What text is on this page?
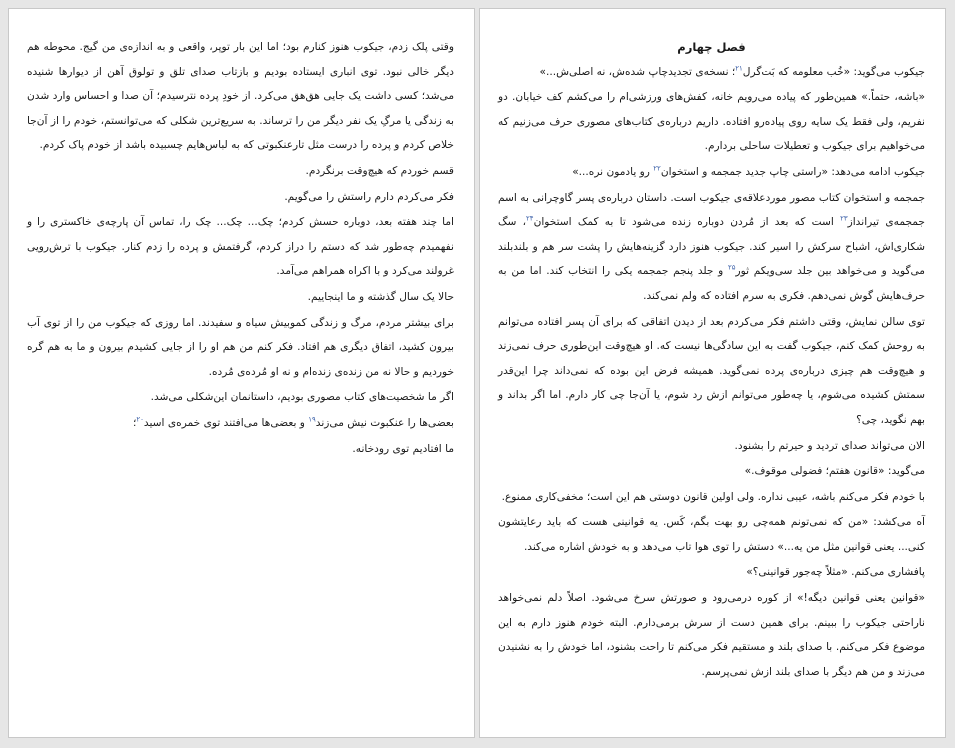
وقتی پلک زدم، جیکوب هنوز کنارم بود؛ اما این بار توپر، واقعی و به اندازه‌ی من گیج. محوطه هم دیگر خالی نبود. توی انباری ایستاده بودیم و بازتاب صدای تلق و تولوق آهن از دیوارها شنیده می‌شد؛ کسی داشت یک جایی هق‌هق می‌کرد. از خودِ پرده نترسیدم؛ آن صدا و احساس وارد شدن به زندگی یا مرگِ یک نفر دیگر من را ترساند. به سریع‌ترین شکلی که می‌توانستم، خودم را از آن‌جا خلاص کردم و پرده را درست مثل تارعنکبوتی که به لباس‌هایم چسبیده باشد از خودم پاک کردم.

قسم خوردم که هیچ‌وقت برنگردم.

فکر می‌کردم دارم راستش را می‌گویم.

اما چند هفته بعد، دوباره حسش کردم؛ چک... چک... چک را، تماس آن پارچه‌ی خاکستری را و نفهمیدم چه‌طور شد که دستم را دراز کردم، گرفتمش و پرده را زدم کنار. جیکوب با ترش‌رویی غرولند می‌کرد و با اکراه همراهم می‌آمد.

حالا یک سال گذشته و ما اینجاییم.

برای بیشتر مردم، مرگ و زندگی کموبیش سیاه و سفیدند. اما روزی که جیکوب من را از توی آب بیرون کشید، اتفاق دیگری هم افتاد. فکر کنم من هم او را از جایی کشیدم بیرون و ما به هم گره خوردیم و حالا نه من زنده‌ی زنده‌ام و نه او مُرده‌ی مُرده.

اگر ما شخصیت‌های کتاب مصوری بودیم، داستانمان این‌شکلی می‌شد.

بعضی‌ها را عنکبوت نیش می‌زند$^{۱۹}$ و بعضی‌ها می‌افتند توی خمره‌ی اسید$^{۲۰}$؛

ما افتادیم توی رودخانه.

فصل چهارم

جیکوب می‌گوید: «خُب معلومه که بَت‌گرل$^{۲۱}$؛ نسخه‌ی تجدیدچاپ شده‌ش، نه اصلی‌ش...»

«باشه، حتماً.» همین‌طور که پیاده می‌رویم خانه، کفش‌های ورزشی‌ام را می‌کشم کف خیابان. دو نفریم، ولی فقط یک سایه روی پیاده‌رو افتاده. داریم درباره‌ی کتاب‌های مصوری حرف می‌زنیم که می‌خواهیم برای جیکوب و تعطیلات ساحلی بردارم.

جیکوب ادامه می‌دهد: «راستی چاپ جدید جمجمه و استخوان$^{۲۲}$ رو یادمون نره...»

جمجمه و استخوان کتاب مصور موردعلاقه‌ی جیکوب است. داستان درباره‌ی پسر گاوچرانی به اسم جمجمه‌ی تیرانداز$^{۲۳}$ است که بعد از مُردن دوباره زنده می‌شود تا به کمک استخوان$^{۲۴}$، سگ شکاری‌اش، اشباح سرکش را اسیر کند. جیکوب هنوز دارد گزینه‌هایش را پشت سر هم و بلندبلند می‌گوید و می‌خواهد بین جلد سی‌ویکم ثور$^{۲۵}$ و جلد پنجم جمجمه یکی را انتخاب کند. اما من به حرف‌هایش گوش نمی‌دهم. فکری به سرم افتاده که ولم نمی‌کند.

توی سالن نمایش، وقتی داشتم فکر می‌کردم بعد از دیدن اتفاقی که برای آن پسر افتاده می‌توانم به روحش کمک کنم، جیکوب گفت به این سادگی‌ها نیست که. او هیچ‌وقت این‌طوری حرف نمی‌زند و هیچ‌وقت هم چیزی درباره‌ی پرده نمی‌گوید. همیشه فرض این بوده که نمی‌داند چرا این‌قدر سمتش کشیده می‌شوم، یا چه‌طور می‌توانم ازش رد شوم، یا آن‌جا چی کار دارم. اما اگر بداند و بهم نگوید، چی؟

الان می‌تواند صدای تردید و حیرتم را بشنود.

می‌گوید: «قانون هفتم؛ فضولی موقوف.»

با خودم فکر می‌کنم باشه، عیبی نداره. ولی اولین قانون دوستی هم این است؛ مخفی‌کاری ممنوع.

آه می‌کشد: «من که نمی‌تونم همه‌چی رو بهت بگم، کَس. یه قوانینی هست که باید رعایتشون کنی... یعنی قوانین مثل من یه...» دستش را توی هوا تاب می‌دهد و به خودش اشاره می‌کند.

پافشاری می‌کنم. «مثلاً چه‌جور قوانینی؟»

«قوانین یعنی قوانین دیگه!» از کوره درمی‌رود و صورتش سرخ می‌شود. اصلاً دلم نمی‌خواهد ناراحتی جیکوب را ببینم. برای همین دست از سرش برمی‌دارم. البته خودم هنوز دارم به این موضوع فکر می‌کنم. با صدای بلند و مستقیم فکر می‌کنم تا راحت بشنود، اما خودش را به نشنیدن می‌زند و من هم دیگر با صدای بلند ازش نمی‌پرسم.
